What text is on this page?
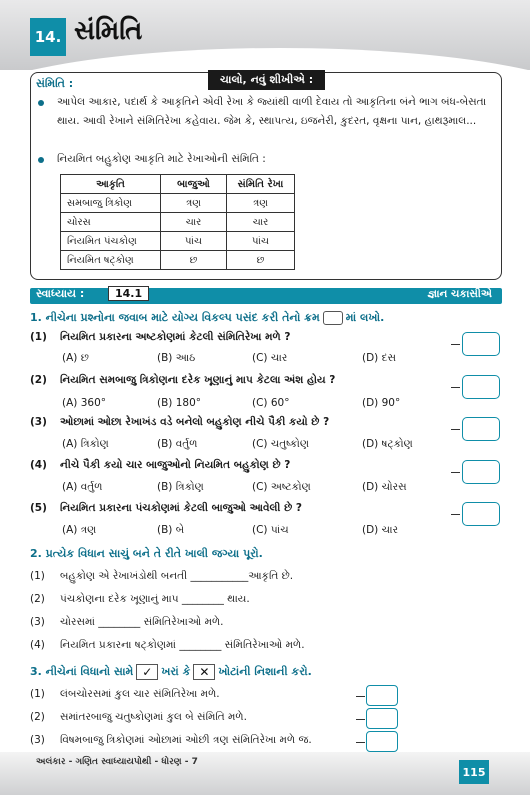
14. સંમિતિ
સંમિતિ :	ચાલો, નવું શીખીએ :
આપેલ આકાર, પદાર્થ કે આકૃતિને એવી રેખા કે જ્યાંથી વાળી દેવાય તો આકૃતિના બંને ભાગ બંધ-બેસતા થાય. આવી રેખાને સંમિતિરેખા કહેવાય. જેમ કે, સ્થાપત્ય, ઇજનેરી, કુદરત, વૃક્ષના પાન, હાથરૂમાલ...
નિયમિત બહુકોણ આકૃતિ માટે રેખાઓની સંમિતિ :
આકૃતિ	બાજુઓ	સંમિતિ રેખા
સમબાજુ ત્રિકોણ	ત્રણ	ત્રણ
ચોરસ	ચાર	ચાર
નિયમિત પંચકોણ	પાંચ	પાંચ
નિયમિત ષટ્કોણ	છ	છ
સ્વાધ્યાય :	14.1	જ્ઞાન ચકાસીએ
1. નીચેના પ્રશ્નોના જવાબ માટે યોગ્ય વિકલ્પ પસંદ કરી તેનો ક્રમ માં લખો.
(1) નિયમિત પ્રકારના અષ્ટકોણમાં કેટલી સંમિતિરેખા મળે ?
(A) છ	(B) આઠ	(C) ચાર	(D) દસ
(2) નિયમિત સમબાજુ ત્રિકોણના દરેક ખૂણાનું માપ કેટલા અંશ હોય ?
(A) 360°	(B) 180°	(C) 60°	(D) 90°
(3) ઓછામાં ઓછા રેખાખંડ વડે બનેલો બહુકોણ નીચે પૈકી કયો છે ?
(A) ત્રિકોણ	(B) વર્તુળ	(C) ચતુષ્કોણ	(D) ષટ્કોણ
(4) નીચે પૈકી કયો ચાર બાજુઓનો નિયમિત બહુકોણ છે ?
(A) વર્તુળ	(B) ત્રિકોણ	(C) અષ્ટકોણ	(D) ચોરસ
(5) નિયમિત પ્રકારના પંચકોણમાં કેટલી બાજુઓ આવેલી છે ?
(A) ત્રણ	(B) બે	(C) પાંચ	(D) ચાર
2. પ્રત્યેક વિધાન સાચું બને તે રીતે ખાલી જગ્યા પૂરો.
(1) બહુકોણ એ રેખાખંડોથી બનતી ___________આકૃતિ છે.
(2) પંચકોણના દરેક ખૂણાનું માપ ________ થાય.
(3) ચોરસમાં ________ સંમિતિરેખાઓ મળે.
(4) નિયમિત પ્રકારના ષટ્કોણમાં ________ સંમિતિરેખાઓ મળે.
3. નીચેનાં વિધાનો સામે ✓ ખરાં કે ✕ ખોટાંની નિશાની કરો.
(1) લંબચોરસમાં કુલ ચાર સંમિતિરેખા મળે.
(2) સમાંતરબાજુ ચતુષ્કોણમાં કુલ બે સંમિતિ મળે.
(3) વિષમબાજુ ત્રિકોણમાં ઓછામાં ઓછી ત્રણ સંમિતિરેખા મળે જ.
અલંકાર - ગણિત સ્વાધ્યાયપોથી - ધોરણ - 7
115
